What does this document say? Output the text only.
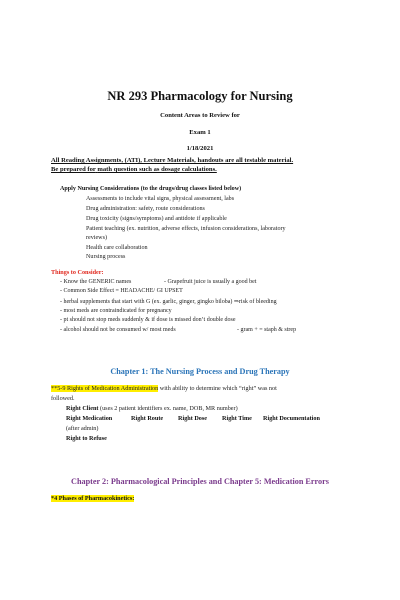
NR 293 Pharmacology for Nursing
Content Areas to Review for
Exam 1
1/18/2021
All Reading Assignments, (ATI), Lecture Materials, handouts are all testable material.
Be prepared for math question such as dosage calculations.
Apply Nursing Considerations (to the drugs/drug classes listed below)
Assessments to include vital signs, physical assessment, labs
Drug administration: safety, route considerations
Drug toxicity (signs/symptoms) and antidote if applicable
Patient teaching (ex. nutrition, adverse effects, infusion considerations, laboratory
reviews)
Health care collaboration
Nursing process
Things to Consider:
- Know the GENERIC names	- Grapefruit juice is usually a good bet
- Common Side Effect = HEADACHE/ GI UPSET
- herbal supplements that start with G (ex. garlic, ginger, gingko biloba) ⇒risk of bleeding
- most meds are contraindicated for pregnancy
- pt should not stop meds suddenly & if dose is missed don’t double dose
- alcohol should not be consumed w/ most meds	- gram + = staph & strep
Chapter 1: The Nursing Process and Drug Therapy
**5-9 Rights of Medication Administration with ability to determine which “right” was not
followed.
Right Client (uses 2 patient identifiers ex. name, DOB, MR number)
Right Medication	Right Route Right Dose Right Time Right Documentation
(after admin)
Right to Refuse
Chapter 2: Pharmacological Principles and Chapter 5: Medication Errors
*4 Phases of Pharmacokinetics:
